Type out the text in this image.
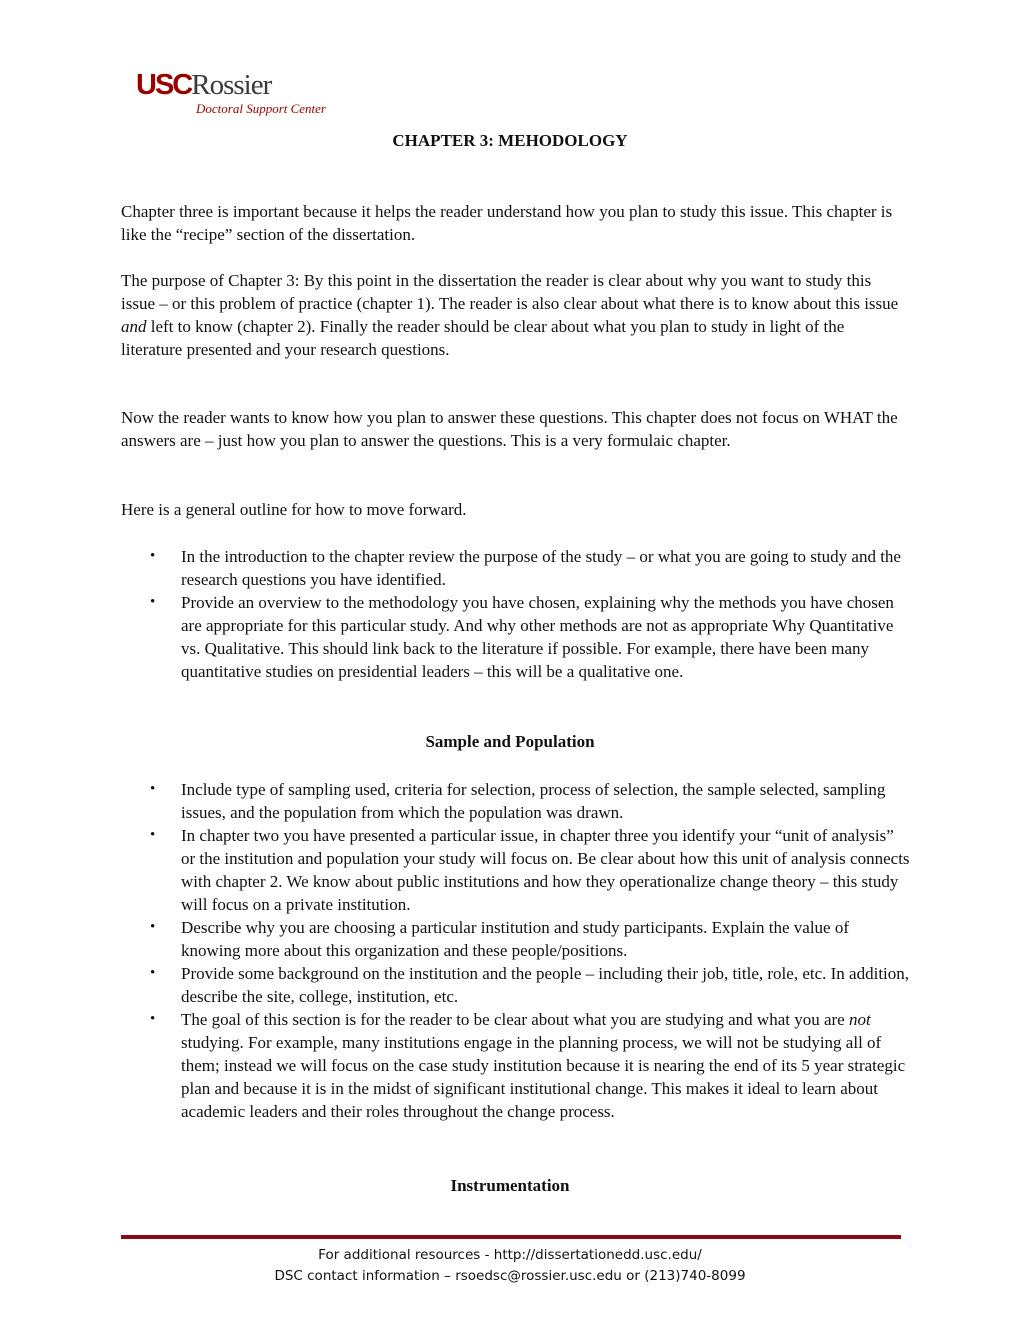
USCRossier
Doctoral Support Center
CHAPTER 3: MEHODOLOGY

Chapter three is important because it helps the reader understand how you plan to study this issue. This chapter is like the “recipe” section of the dissertation.

The purpose of Chapter 3: By this point in the dissertation the reader is clear about why you want to study this issue – or this problem of practice (chapter 1). The reader is also clear about what there is to know about this issue and left to know (chapter 2). Finally the reader should be clear about what you plan to study in light of the literature presented and your research questions.

Now the reader wants to know how you plan to answer these questions. This chapter does not focus on WHAT the answers are – just how you plan to answer the questions. This is a very formulaic chapter.

Here is a general outline for how to move forward.

• In the introduction to the chapter review the purpose of the study – or what you are going to study and the research questions you have identified.
• Provide an overview to the methodology you have chosen, explaining why the methods you have chosen are appropriate for this particular study. And why other methods are not as appropriate Why Quantitative vs. Qualitative. This should link back to the literature if possible. For example, there have been many quantitative studies on presidential leaders – this will be a qualitative one.
Sample and Population
• Include type of sampling used, criteria for selection, process of selection, the sample selected, sampling issues, and the population from which the population was drawn.
• In chapter two you have presented a particular issue, in chapter three you identify your “unit of analysis” or the institution and population your study will focus on. Be clear about how this unit of analysis connects with chapter 2. We know about public institutions and how they operationalize change theory – this study will focus on a private institution.
• Describe why you are choosing a particular institution and study participants. Explain the value of knowing more about this organization and these people/positions.
• Provide some background on the institution and the people – including their job, title, role, etc. In addition, describe the site, college, institution, etc.
• The goal of this section is for the reader to be clear about what you are studying and what you are not studying. For example, many institutions engage in the planning process, we will not be studying all of them; instead we will focus on the case study institution because it is nearing the end of its 5 year strategic plan and because it is in the midst of significant institutional change. This makes it ideal to learn about academic leaders and their roles throughout the change process.
Instrumentation
For additional resources - http://dissertationedd.usc.edu/
DSC contact information – rsoedsc@rossier.usc.edu or (213)740-8099
